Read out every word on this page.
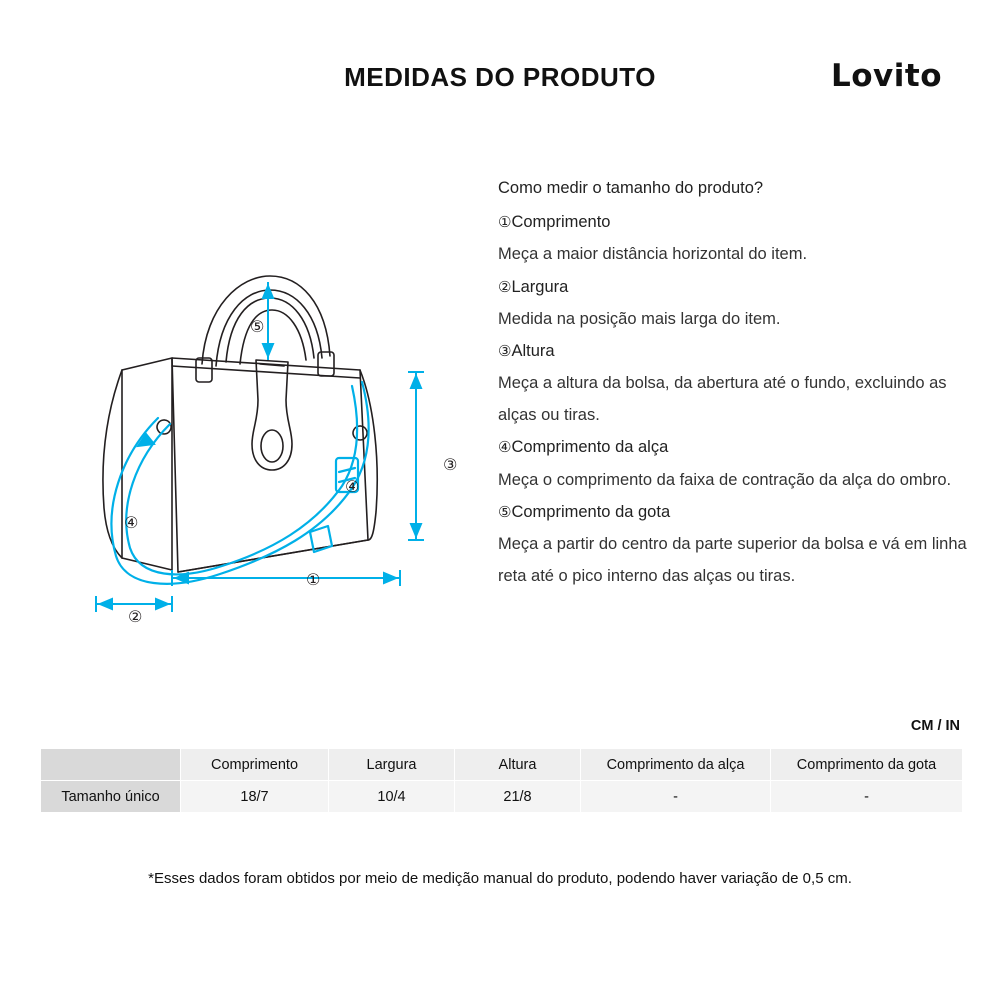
MEDIDAS DO PRODUTO	Lovito
③
①
②
④
④
⑤
Como medir o tamanho do produto?
①Comprimento
Meça a maior distância horizontal do item.
②Largura
Medida na posição mais larga do item.
③Altura
Meça a altura da bolsa, da abertura até o fundo, excluindo as alças ou tiras.
④Comprimento da alça
Meça o comprimento da faixa de contração da alça do ombro.
⑤Comprimento da gota
Meça a partir do centro da parte superior da bolsa e vá em linha reta até o pico interno das alças ou tiras.
CM / IN
	Comprimento	Largura	Altura	Comprimento da alça	Comprimento da gota
Tamanho único	18/7	10/4	21/8	-	-
*Esses dados foram obtidos por meio de medição manual do produto, podendo haver variação de 0,5 cm.
